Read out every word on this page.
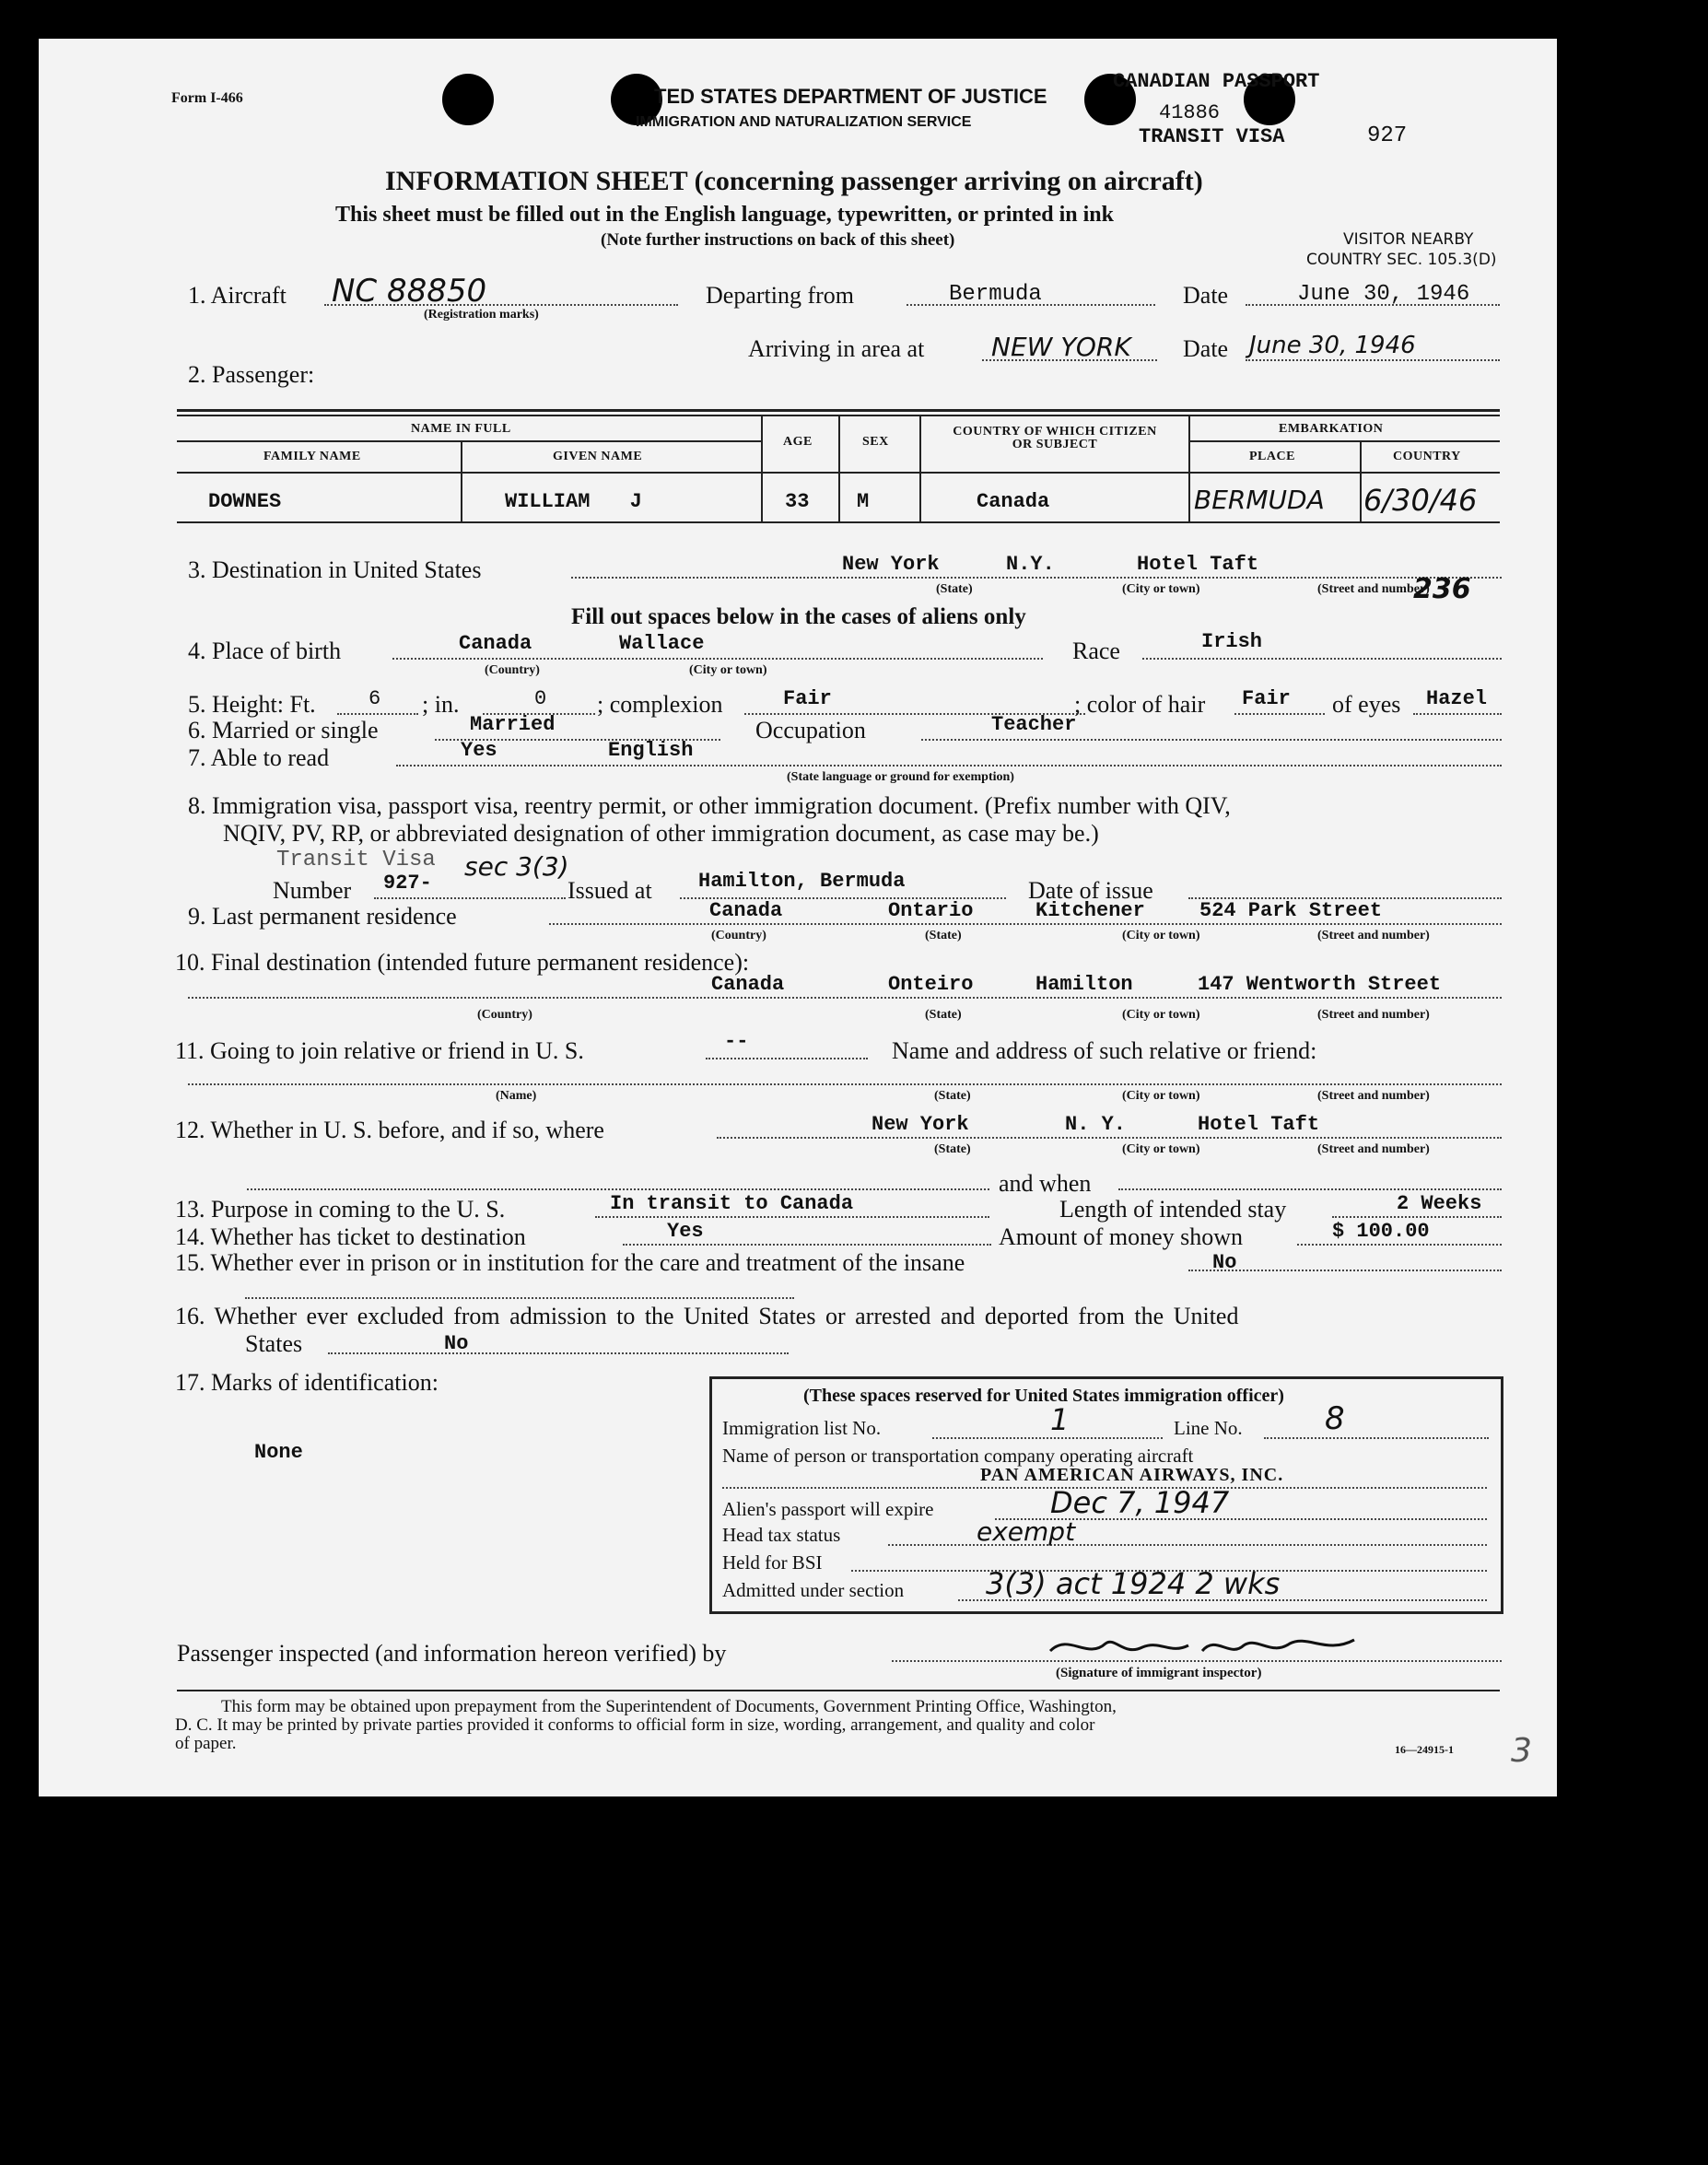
Form I-466	TED STATES DEPARTMENT OF JUSTICE
IMMIGRATION AND NATURALIZATION SERVICE
CANADIAN PASSPORT
41886
TRANSIT VISA	927
INFORMATION SHEET (concerning passenger arriving on aircraft)
This sheet must be filled out in the English language, typewritten, or printed in ink
(Note further instructions on back of this sheet)	VISITOR NEARBY
COUNTRY SEC. 105.3(D)
1. Aircraft NC 88850
(Registration marks)
Departing from	Bermuda	Date	June 30, 1946
Arriving in area at	NEW YORK Date June 30, 1946
2. Passenger:
NAME IN FULL
FAMILY NAME	GIVEN NAME
AGE	SEX
COUNTRY OF WHICH CITIZEN OR SUBJECT
EMBARKATION
PLACE	COUNTRY
DOWNES	WILLIAM J	33 M	Canada	BERMUDA 6/30/46
3. Destination in United States	New York	N.Y.	Hotel Taft
236
(State)	(City or town)	(Street and number)
Fill out spaces below in the cases of aliens only
4. Place of birth	Canada	Wallace
(Country)	(City or town)
Race	Irish
5. Height: Ft.	6 ; in.	0 ; complexion	Fair	; color of hair Fair of eyes Hazel
6. Married or single	Married	Occupation	Teacher
7. Able to read	Yes	English
(State language or ground for exemption)
8. Immigration visa, passport visa, reentry permit, or other immigration document. (Prefix number with QIV,
NQIV, PV, RP, or abbreviated designation of other immigration document, as case may be.)
Transit Visa
Number 927-
sec 3(3)
Issued at Hamilton, Bermuda	Date of issue
9. Last permanent residence	Canada	Ontario	Kitchener	524 Park Street
(Country)	(State)	(City or town)	(Street and number)
10. Final destination (intended future permanent residence):
Canada	Onteiro	Hamilton	147 Wentworth Street
(Country)	(State)	(City or town)	(Street and number)
11. Going to join relative or friend in U. S.	--	Name and address of such relative or friend:
(Name)	(State)	(City or town)	(Street and number)
12. Whether in U. S. before, and if so, where	New York	N. Y.	Hotel Taft
(State)	(City or town)	(Street and number)
and when
13. Purpose in coming to the U. S.	In transit to Canada	Length of intended stay	2 Weeks
14. Whether has ticket to destination	Yes	Amount of money shown	$ 100.00
15. Whether ever in prison or in institution for the care and treatment of the insane	No
16. Whether ever excluded from admission to the United States or arrested and deported from the United
States	No
17. Marks of identification:
None
(These spaces reserved for United States immigration officer)
Immigration list No.	1	Line No.	8
Name of person or transportation company operating aircraft
PAN AMERICAN AIRWAYS, INC.
Alien's passport will expire	Dec 7, 1947
Head tax status	exempt
Held for BSI
Admitted under section	3(3) act 1924 2 wks
Passenger inspected (and information hereon verified) by
(Signature of immigrant inspector)
This form may be obtained upon prepayment from the Superintendent of Documents, Government Printing Office, Washington,
D. C. It may be printed by private parties provided it conforms to official form in size, wording, arrangement, and quality and color
of paper.	16—24915-1 3
